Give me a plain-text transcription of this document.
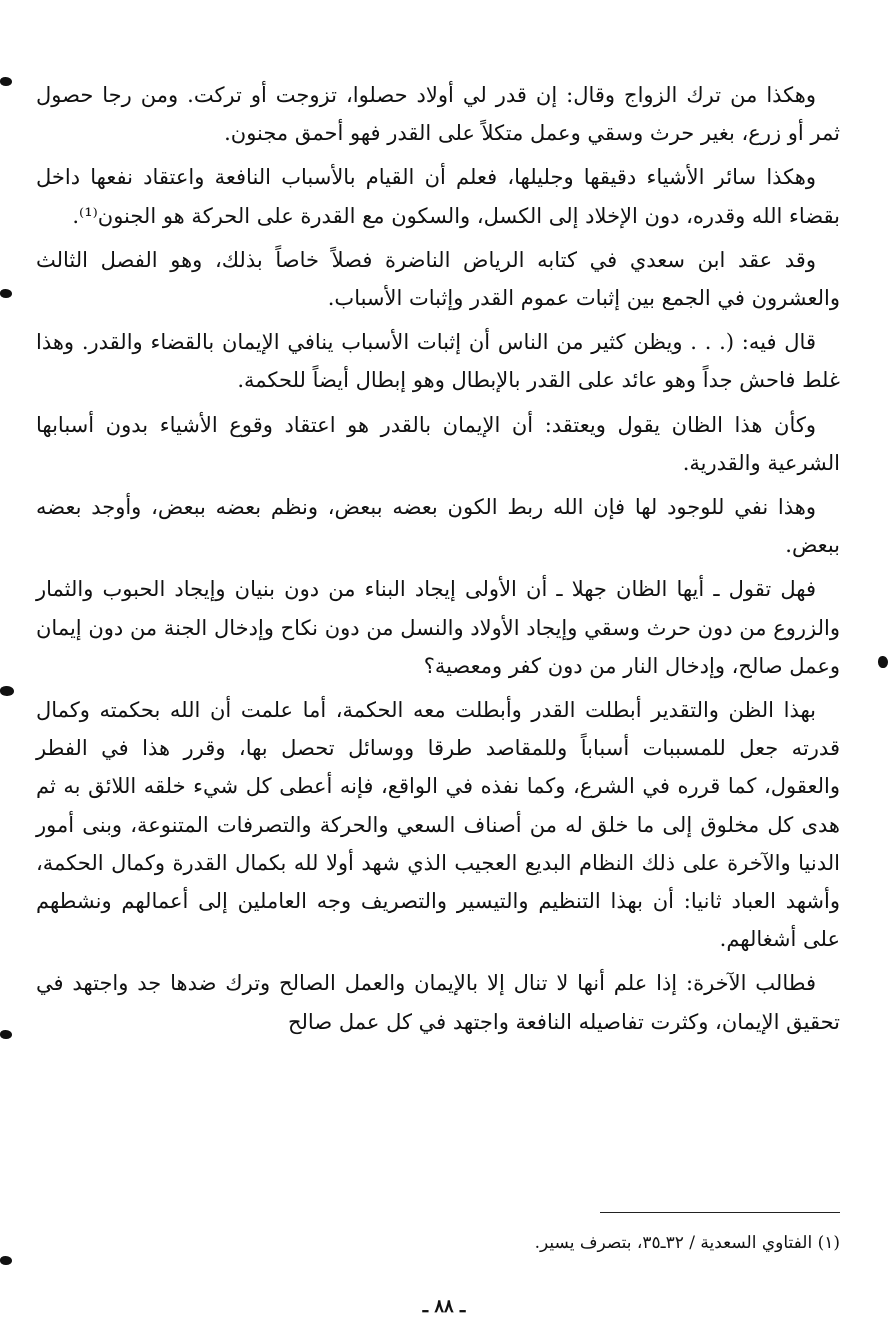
وهكذا من ترك الزواج وقال: إن قدر لي أولاد حصلوا، تزوجت أو تركت. ومن رجا حصول ثمر أو زرع، بغير حرث وسقي وعمل متكلاً على القدر فهو أحمق مجنون.

وهكذا سائر الأشياء دقيقها وجليلها، فعلم أن القيام بالأسباب النافعة واعتقاد نفعها داخل بقضاء الله وقدره، دون الإخلاد إلى الكسل، والسكون مع القدرة على الحركة هو الجنون⁽¹⁾.

وقد عقد ابن سعدي في كتابه الرياض الناضرة فصلاً خاصاً بذلك، وهو الفصل الثالث والعشرون في الجمع بين إثبات عموم القدر وإثبات الأسباب.

قال فيه: (. . . ويظن كثير من الناس أن إثبات الأسباب ينافي الإيمان بالقضاء والقدر. وهذا غلط فاحش جداً وهو عائد على القدر بالإبطال وهو إبطال أيضاً للحكمة.

وكأن هذا الظان يقول ويعتقد: أن الإيمان بالقدر هو اعتقاد وقوع الأشياء بدون أسبابها الشرعية والقدرية.

وهذا نفي للوجود لها فإن الله ربط الكون بعضه ببعض، ونظم بعضه ببعض، وأوجد بعضه ببعض.

فهل تقول ـ أيها الظان جهلا ـ أن الأولى إيجاد البناء من دون بنيان وإيجاد الحبوب والثمار والزروع من دون حرث وسقي وإيجاد الأولاد والنسل من دون نكاح وإدخال الجنة من دون إيمان وعمل صالح، وإدخال النار من دون كفر ومعصية؟

بهذا الظن والتقدير أبطلت القدر وأبطلت معه الحكمة، أما علمت أن الله بحكمته وكمال قدرته جعل للمسببات أسباباً وللمقاصد طرقا ووسائل تحصل بها، وقرر هذا في الفطر والعقول، كما قرره في الشرع، وكما نفذه في الواقع، فإنه أعطى كل شيء خلقه اللائق به ثم هدى كل مخلوق إلى ما خلق له من أصناف السعي والحركة والتصرفات المتنوعة، وبنى أمور الدنيا والآخرة على ذلك النظام البديع العجيب الذي شهد أولا لله بكمال القدرة وكمال الحكمة، وأشهد العباد ثانيا: أن بهذا التنظيم والتيسير والتصريف وجه العاملين إلى أعمالهم ونشطهم على أشغالهم.

فطالب الآخرة: إذا علم أنها لا تنال إلا بالإيمان والعمل الصالح وترك ضدها جد واجتهد في تحقيق الإيمان، وكثرت تفاصيله النافعة واجتهد في كل عمل صالح

(١) الفتاوي السعدية / ٣٢ـ٣٥، بتصرف يسير.
ـ ٨٨ ـ
